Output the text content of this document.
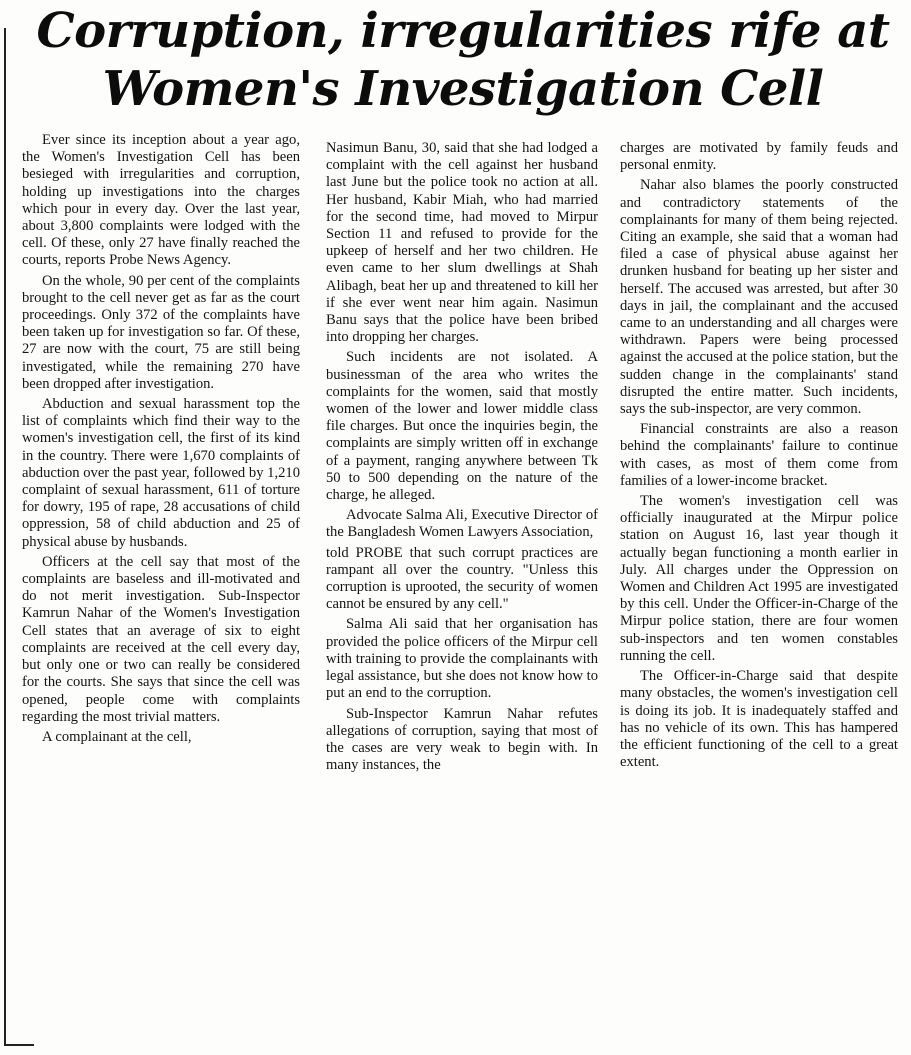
Corruption, irregularities rife at Women's Investigation Cell

Ever since its inception about a year ago, the Women's Investigation Cell has been besieged with irregularities and corruption, holding up investigations into the charges which pour in every day. Over the last year, about 3,800 complaints were lodged with the cell. Of these, only 27 have finally reached the courts, reports Probe News Agency.

On the whole, 90 per cent of the complaints brought to the cell never get as far as the court proceedings. Only 372 of the complaints have been taken up for investigation so far. Of these, 27 are now with the court, 75 are still being investigated, while the remaining 270 have been dropped after investigation.

Abduction and sexual harassment top the list of complaints which find their way to the women's investigation cell, the first of its kind in the country. There were 1,670 complaints of abduction over the past year, followed by 1,210 complaint of sexual harassment, 611 of torture for dowry, 195 of rape, 28 accusations of child oppression, 58 of child abduction and 25 of physical abuse by husbands.

Officers at the cell say that most of the complaints are baseless and ill-motivated and do not merit investigation. Sub-Inspector Kamrun Nahar of the Women's Investigation Cell states that an average of six to eight complaints are received at the cell every day, but only one or two can really be considered for the courts. She says that since the cell was opened, people come with complaints regarding the most trivial matters.

A complainant at the cell,

Nasimun Banu, 30, said that she had lodged a complaint with the cell against her husband last June but the police took no action at all. Her husband, Kabir Miah, who had married for the second time, had moved to Mirpur Section 11 and refused to provide for the upkeep of herself and her two children. He even came to her slum dwellings at Shah Alibagh, beat her up and threatened to kill her if she ever went near him again. Nasimun Banu says that the police have been bribed into dropping her charges.

Such incidents are not isolated. A businessman of the area who writes the complaints for the women, said that mostly women of the lower and lower middle class file charges. But once the inquiries begin, the complaints are simply written off in exchange of a payment, ranging anywhere between Tk 50 to 500 depending on the nature of the charge, he alleged.

Advocate Salma Ali, Executive Director of the Bangladesh Women Lawyers Association,

told PROBE that such corrupt practices are rampant all over the country. "Unless this corruption is uprooted, the security of women cannot be ensured by any cell."

Salma Ali said that her organisation has provided the police officers of the Mirpur cell with training to provide the complainants with legal assistance, but she does not know how to put an end to the corruption.

Sub-Inspector Kamrun Nahar refutes allegations of corruption, saying that most of the cases are very weak to begin with. In many instances, the

charges are motivated by family feuds and personal enmity.

Nahar also blames the poorly constructed and contradictory statements of the complainants for many of them being rejected. Citing an example, she said that a woman had filed a case of physical abuse against her drunken husband for beating up her sister and herself. The accused was arrested, but after 30 days in jail, the complainant and the accused came to an understanding and all charges were withdrawn. Papers were being processed against the accused at the police station, but the sudden change in the complainants' stand disrupted the entire matter. Such incidents, says the sub-inspector, are very common.

Financial constraints are also a reason behind the complainants' failure to continue with cases, as most of them come from families of a lower-income bracket.

The women's investigation cell was officially inaugurated at the Mirpur police station on August 16, last year though it actually began functioning a month earlier in July. All charges under the Oppression on Women and Children Act 1995 are investigated by this cell. Under the Officer-in-Charge of the Mirpur police station, there are four women sub-inspectors and ten women constables running the cell.

The Officer-in-Charge said that despite many obstacles, the women's investigation cell is doing its job. It is inadequately staffed and has no vehicle of its own. This has hampered the efficient functioning of the cell to a great extent.
